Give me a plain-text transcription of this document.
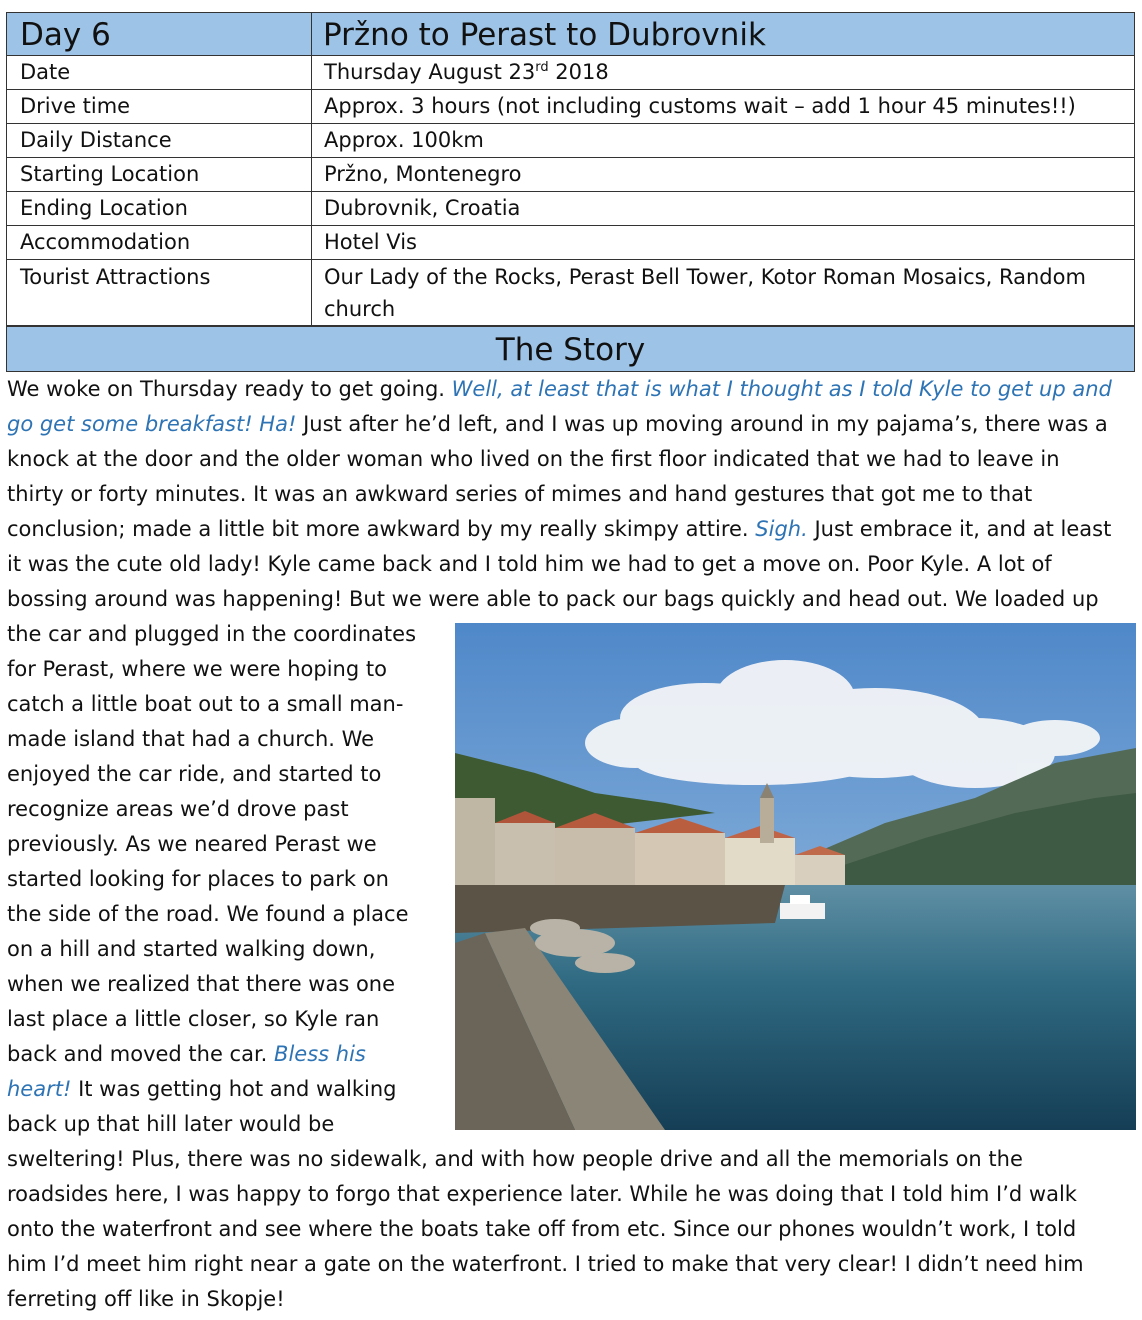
Day 6	Pržno to Perast to Dubrovnik
Date	Thursday August 23rd 2018
Drive time	Approx. 3 hours (not including customs wait – add 1 hour 45 minutes!!)
Daily Distance	Approx. 100km
Starting Location	Pržno, Montenegro
Ending Location	Dubrovnik, Croatia
Accommodation	Hotel Vis
Tourist Attractions	Our Lady of the Rocks, Perast Bell Tower, Kotor Roman Mosaics, Random
church
The Story
We woke on Thursday ready to get going. Well, at least that is what I thought as I told Kyle to get up and
go get some breakfast! Ha! Just after he’d left, and I was up moving around in my pajama’s, there was a
knock at the door and the older woman who lived on the first floor indicated that we had to leave in
thirty or forty minutes. It was an awkward series of mimes and hand gestures that got me to that
conclusion; made a little bit more awkward by my really skimpy attire. Sigh. Just embrace it, and at least
it was the cute old lady! Kyle came back and I told him we had to get a move on. Poor Kyle. A lot of
bossing around was happening! But we were able to pack our bags quickly and head out. We loaded up
the car and plugged in the coordinates
for Perast, where we were hoping to
catch a little boat out to a small man-
made island that had a church. We
enjoyed the car ride, and started to
recognize areas we’d drove past
previously. As we neared Perast we
started looking for places to park on
the side of the road. We found a place
on a hill and started walking down,
when we realized that there was one
last place a little closer, so Kyle ran
back and moved the car. Bless his
heart! It was getting hot and walking
back up that hill later would be
sweltering! Plus, there was no sidewalk, and with how people drive and all the memorials on the
roadsides here, I was happy to forgo that experience later. While he was doing that I told him I’d walk
onto the waterfront and see where the boats take off from etc. Since our phones wouldn’t work, I told
him I’d meet him right near a gate on the waterfront. I tried to make that very clear! I didn’t need him
ferreting off like in Skopje!
